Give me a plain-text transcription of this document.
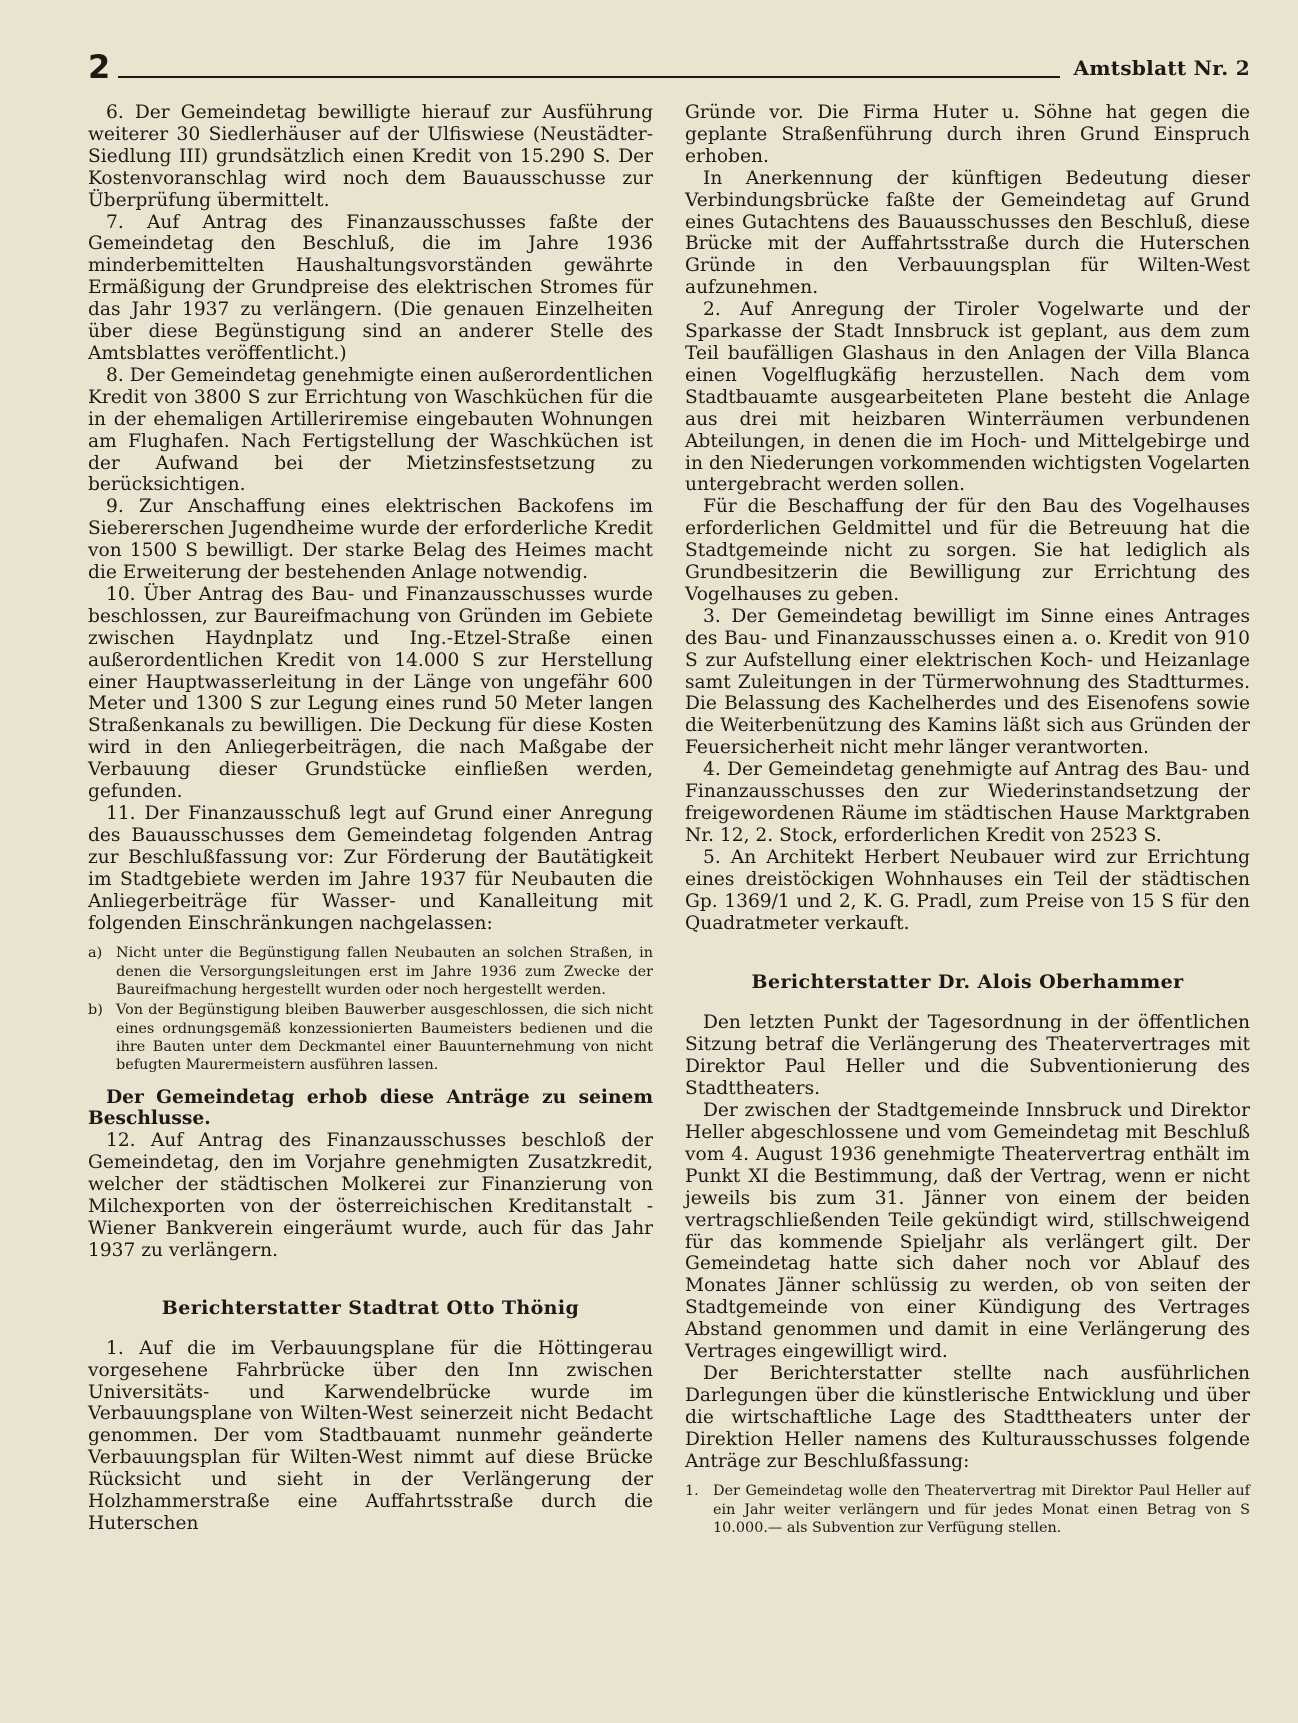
2	Amtsblatt Nr. 2

6. Der Gemeindetag bewilligte hierauf zur Ausführung weiterer 30 Siedlerhäuser auf der Ulfiswiese (Neustädter-Siedlung III) grundsätzlich einen Kredit von 15.290 S. Der Kostenvoranschlag wird noch dem Bauausschusse zur Überprüfung übermittelt.

7. Auf Antrag des Finanzausschusses faßte der Gemeindetag den Beschluß, die im Jahre 1936 minderbemittelten Haushaltungsvorständen gewährte Ermäßigung der Grundpreise des elektrischen Stromes für das Jahr 1937 zu verlängern. (Die genauen Einzelheiten über diese Begünstigung sind an anderer Stelle des Amtsblattes veröffentlicht.)

8. Der Gemeindetag genehmigte einen außerordentlichen Kredit von 3800 S zur Errichtung von Waschküchen für die in der ehemaligen Artilleriremise eingebauten Wohnungen am Flughafen. Nach Fertigstellung der Waschküchen ist der Aufwand bei der Mietzinsfestsetzung zu berücksichtigen.

9. Zur Anschaffung eines elektrischen Backofens im Siebererschen Jugendheime wurde der erforderliche Kredit von 1500 S bewilligt. Der starke Belag des Heimes macht die Erweiterung der bestehenden Anlage notwendig.

10. Über Antrag des Bau- und Finanzausschusses wurde beschlossen, zur Baureifmachung von Gründen im Gebiete zwischen Haydnplatz und Ing.-Etzel-Straße einen außerordentlichen Kredit von 14.000 S zur Herstellung einer Hauptwasserleitung in der Länge von ungefähr 600 Meter und 1300 S zur Legung eines rund 50 Meter langen Straßenkanals zu bewilligen. Die Deckung für diese Kosten wird in den Anliegerbeiträgen, die nach Maßgabe der Verbauung dieser Grundstücke einfließen werden, gefunden.

11. Der Finanzausschuß legt auf Grund einer Anregung des Bauausschusses dem Gemeindetag folgenden Antrag zur Beschlußfassung vor: Zur Förderung der Bautätigkeit im Stadtgebiete werden im Jahre 1937 für Neubauten die Anliegerbeiträge für Wasser- und Kanalleitung mit folgenden Einschränkungen nachgelassen:

a) Nicht unter die Begünstigung fallen Neubauten an solchen Straßen, in denen die Versorgungsleitungen erst im Jahre 1936 zum Zwecke der Baureifmachung hergestellt wurden oder noch hergestellt werden.
b) Von der Begünstigung bleiben Bauwerber ausgeschlossen, die sich nicht eines ordnungsgemäß konzessionierten Baumeisters bedienen und die ihre Bauten unter dem Deckmantel einer Bauunternehmung von nicht befugten Maurermeistern ausführen lassen.

Der Gemeindetag erhob diese Anträge zu seinem Beschlusse.

12. Auf Antrag des Finanzausschusses beschloß der Gemeindetag, den im Vorjahre genehmigten Zusatzkredit, welcher der städtischen Molkerei zur Finanzierung von Milchexporten von der österreichischen Kreditanstalt - Wiener Bankverein eingeräumt wurde, auch für das Jahr 1937 zu verlängern.

Berichterstatter Stadtrat Otto Thönig

1. Auf die im Verbauungsplane für die Höttingerau vorgesehene Fahrbrücke über den Inn zwischen Universitäts- und Karwendelbrücke wurde im Verbauungsplane von Wilten-West seinerzeit nicht Bedacht genommen. Der vom Stadtbauamt nunmehr geänderte Verbauungsplan für Wilten-West nimmt auf diese Brücke Rücksicht und sieht in der Verlängerung der Holzhammerstraße eine Auffahrtsstraße durch die Huterschen

Gründe vor. Die Firma Huter u. Söhne hat gegen die geplante Straßenführung durch ihren Grund Einspruch erhoben.

In Anerkennung der künftigen Bedeutung dieser Verbindungsbrücke faßte der Gemeindetag auf Grund eines Gutachtens des Bauausschusses den Beschluß, diese Brücke mit der Auffahrtsstraße durch die Huterschen Gründe in den Verbauungsplan für Wilten-West aufzunehmen.

2. Auf Anregung der Tiroler Vogelwarte und der Sparkasse der Stadt Innsbruck ist geplant, aus dem zum Teil baufälligen Glashaus in den Anlagen der Villa Blanca einen Vogelflugkäfig herzustellen. Nach dem vom Stadtbauamte ausgearbeiteten Plane besteht die Anlage aus drei mit heizbaren Winterräumen verbundenen Abteilungen, in denen die im Hoch- und Mittelgebirge und in den Niederungen vorkommenden wichtigsten Vogelarten untergebracht werden sollen.

Für die Beschaffung der für den Bau des Vogelhauses erforderlichen Geldmittel und für die Betreuung hat die Stadtgemeinde nicht zu sorgen. Sie hat lediglich als Grundbesitzerin die Bewilligung zur Errichtung des Vogelhauses zu geben.

3. Der Gemeindetag bewilligt im Sinne eines Antrages des Bau- und Finanzausschusses einen a. o. Kredit von 910 S zur Aufstellung einer elektrischen Koch- und Heizanlage samt Zuleitungen in der Türmerwohnung des Stadtturmes. Die Belassung des Kachelherdes und des Eisenofens sowie die Weiterbenützung des Kamins läßt sich aus Gründen der Feuersicherheit nicht mehr länger verantworten.

4. Der Gemeindetag genehmigte auf Antrag des Bau- und Finanzausschusses den zur Wiederinstandsetzung der freigewordenen Räume im städtischen Hause Marktgraben Nr. 12, 2. Stock, erforderlichen Kredit von 2523 S.

5. An Architekt Herbert Neubauer wird zur Errichtung eines dreistöckigen Wohnhauses ein Teil der städtischen Gp. 1369/1 und 2, K. G. Pradl, zum Preise von 15 S für den Quadratmeter verkauft.

Berichterstatter Dr. Alois Oberhammer

Den letzten Punkt der Tagesordnung in der öffentlichen Sitzung betraf die Verlängerung des Theatervertrages mit Direktor Paul Heller und die Subventionierung des Stadttheaters.

Der zwischen der Stadtgemeinde Innsbruck und Direktor Heller abgeschlossene und vom Gemeindetag mit Beschluß vom 4. August 1936 genehmigte Theatervertrag enthält im Punkt XI die Bestimmung, daß der Vertrag, wenn er nicht jeweils bis zum 31. Jänner von einem der beiden vertragschließenden Teile gekündigt wird, stillschweigend für das kommende Spieljahr als verlängert gilt. Der Gemeindetag hatte sich daher noch vor Ablauf des Monates Jänner schlüssig zu werden, ob von seiten der Stadtgemeinde von einer Kündigung des Vertrages Abstand genommen und damit in eine Verlängerung des Vertrages eingewilligt wird.

Der Berichterstatter stellte nach ausführlichen Darlegungen über die künstlerische Entwicklung und über die wirtschaftliche Lage des Stadttheaters unter der Direktion Heller namens des Kulturausschusses folgende Anträge zur Beschlußfassung:

1. Der Gemeindetag wolle den Theatervertrag mit Direktor Paul Heller auf ein Jahr weiter verlängern und für jedes Monat einen Betrag von S 10.000.— als Subvention zur Verfügung stellen.
